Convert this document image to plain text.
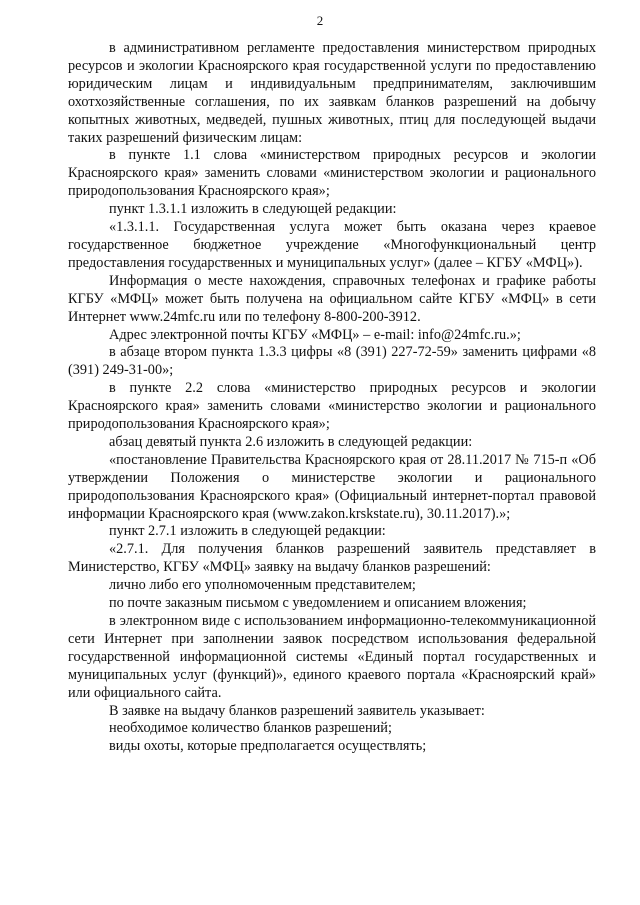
2

в административном регламенте предоставления министерством природных ресурсов и экологии Красноярского края государственной услуги по предоставлению юридическим лицам и индивидуальным предпринимателям, заключившим охотхозяйственные соглашения, по их заявкам бланков разрешений на добычу копытных животных, медведей, пушных животных, птиц для последующей выдачи таких разрешений физическим лицам:

в пункте 1.1 слова «министерством природных ресурсов и экологии Красноярского края» заменить словами «министерством экологии и рационального природопользования Красноярского края»;

пункт 1.3.1.1 изложить в следующей редакции:

«1.3.1.1. Государственная услуга может быть оказана через краевое государственное бюджетное учреждение «Многофункциональный центр предоставления государственных и муниципальных услуг» (далее – КГБУ «МФЦ»).

Информация о месте нахождения, справочных телефонах и графике работы КГБУ «МФЦ» может быть получена на официальном сайте КГБУ «МФЦ» в сети Интернет www.24mfc.ru или по телефону 8-800-200-3912.

Адрес электронной почты КГБУ «МФЦ» – e-mail: info@24mfc.ru.»;

в абзаце втором пункта 1.3.3 цифры «8 (391) 227-72-59» заменить цифрами «8 (391) 249-31-00»;

в пункте 2.2 слова «министерство природных ресурсов и экологии Красноярского края» заменить словами «министерство экологии и рационального природопользования Красноярского края»;

абзац девятый пункта 2.6 изложить в следующей редакции:

«постановление Правительства Красноярского края от 28.11.2017 № 715-п «Об утверждении Положения о министерстве экологии и рационального природопользования Красноярского края» (Официальный интернет-портал правовой информации Красноярского края (www.zakon.krskstate.ru), 30.11.2017).»;

пункт 2.7.1 изложить в следующей редакции:

«2.7.1. Для получения бланков разрешений заявитель представляет в Министерство, КГБУ «МФЦ» заявку на выдачу бланков разрешений:

лично либо его уполномоченным представителем;

по почте заказным письмом с уведомлением и описанием вложения;

в электронном виде с использованием информационно-телекоммуникационной сети Интернет при заполнении заявок посредством использования федеральной государственной информационной системы «Единый портал государственных и муниципальных услуг (функций)», единого краевого портала «Красноярский край» или официального сайта.

В заявке на выдачу бланков разрешений заявитель указывает:

необходимое количество бланков разрешений;

виды охоты, которые предполагается осуществлять;
